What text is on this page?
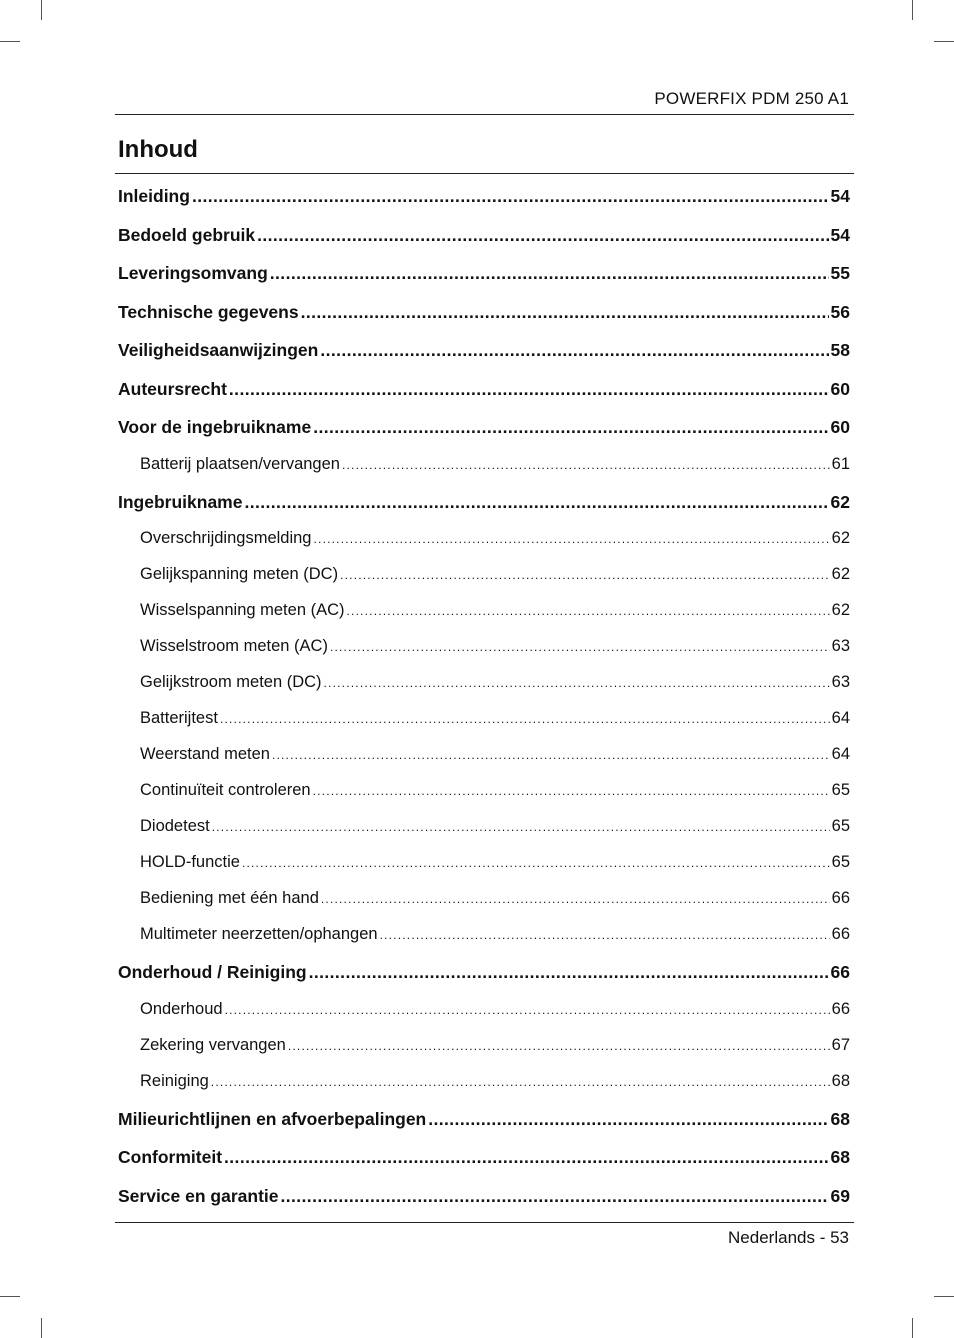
POWERFIX PDM 250 A1
Inhoud
Inleiding .....	54
Bedoeld gebruik .....	54
Leveringsomvang .....	55
Technische gegevens .....	56
Veiligheidsaanwijzingen .....	58
Auteursrecht .....	60
Voor de ingebruikname .....	60
Batterij plaatsen/vervangen .....	61
Ingebruikname .....	62
Overschrijdingsmelding .....	62
Gelijkspanning meten (DC) .....	62
Wisselspanning meten (AC) .....	62
Wisselstroom meten (AC) .....	63
Gelijkstroom meten (DC) .....	63
Batterijtest .....	64
Weerstand meten .....	64
Continuïteit controleren .....	65
Diodetest .....	65
HOLD-functie .....	65
Bediening met één hand .....	66
Multimeter neerzetten/ophangen .....	66
Onderhoud / Reiniging .....	66
Onderhoud .....	66
Zekering vervangen .....	67
Reiniging .....	68
Milieurichtlijnen en afvoerbepalingen .....	68
Conformiteit .....	68
Service en garantie .....	69
Nederlands - 53
